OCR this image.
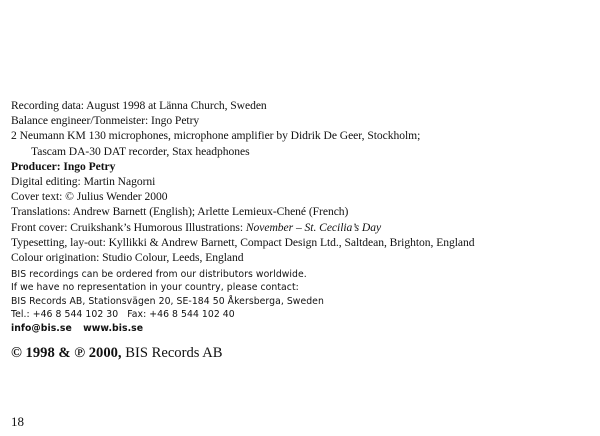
Recording data: August 1998 at Länna Church, Sweden
Balance engineer/Tonmeister: Ingo Petry
2 Neumann KM 130 microphones, microphone amplifier by Didrik De Geer, Stockholm;
Tascam DA-30 DAT recorder, Stax headphones
Producer: Ingo Petry
Digital editing: Martin Nagorni
Cover text: © Julius Wender 2000
Translations: Andrew Barnett (English); Arlette Lemieux-Chené (French)
Front cover: Cruikshank’s Humorous Illustrations: November – St. Cecilia’s Day
Typesetting, lay-out: Kyllikki & Andrew Barnett, Compact Design Ltd., Saltdean, Brighton, England
Colour origination: Studio Colour, Leeds, England
BIS recordings can be ordered from our distributors worldwide.
If we have no representation in your country, please contact:
BIS Records AB, Stationsvägen 20, SE-184 50 Åkersberga, Sweden
Tel.: +46 8 544 102 30   Fax: +46 8 544 102 40
info@bis.se www.bis.se
© 1998 & ℗ 2000, BIS Records AB
18
